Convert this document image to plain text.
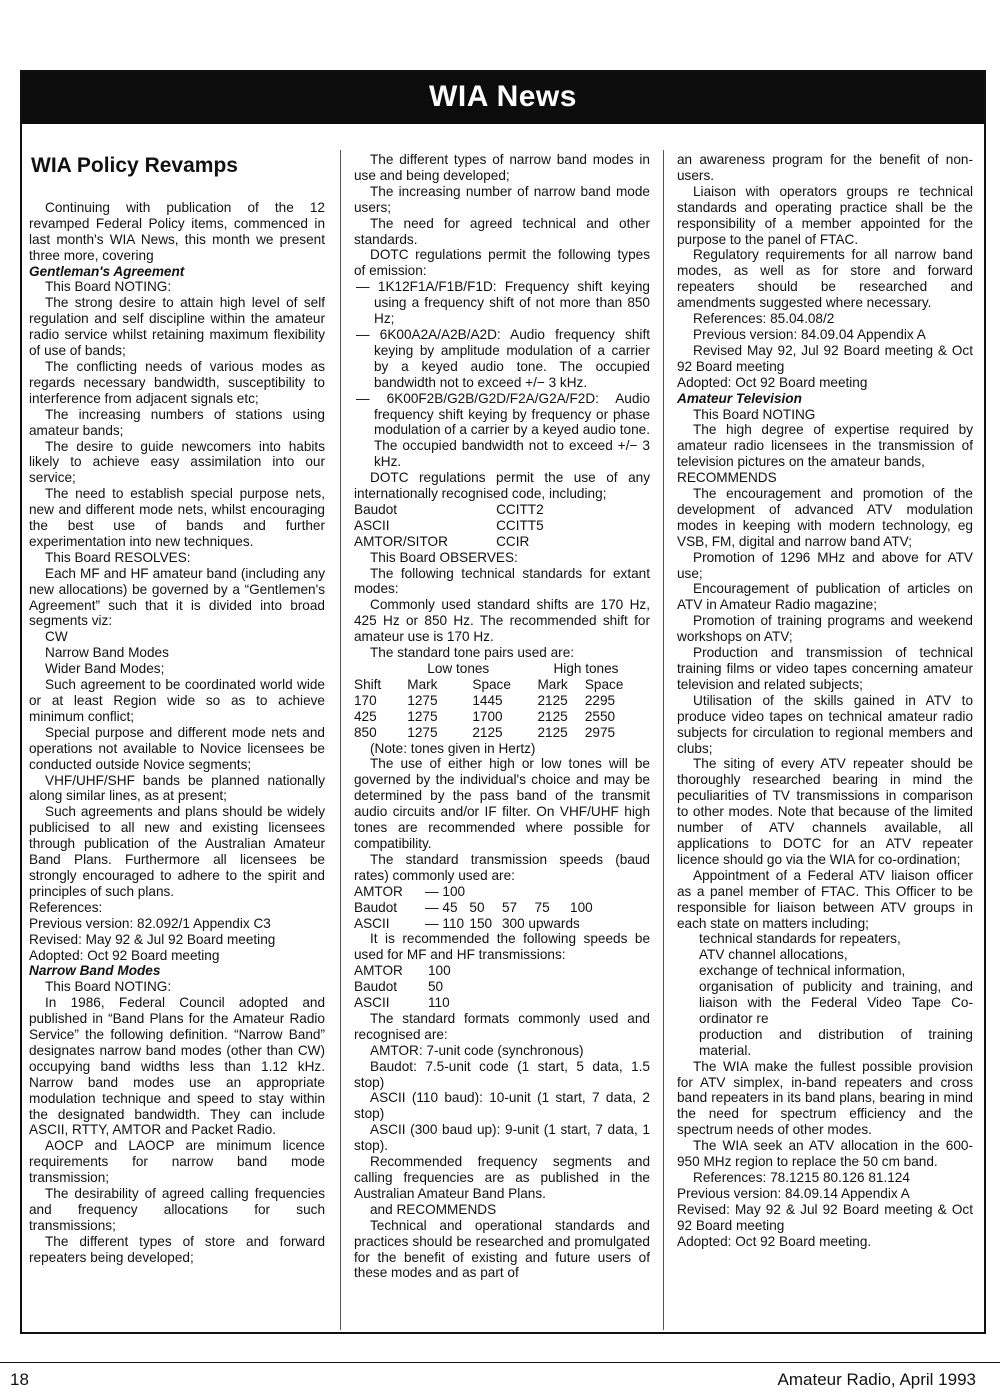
WIA News

WIA Policy Revamps

Continuing with publication of the 12 revamped Federal Policy items, commenced in last month's WIA News, this month we present three more, covering

Gentleman's Agreement

This Board NOTING:

The strong desire to attain high level of self regulation and self discipline within the amateur radio service whilst retaining maximum flexibility of use of bands;

The conflicting needs of various modes as regards necessary bandwidth, susceptibility to interference from adjacent signals etc;

The increasing numbers of stations using amateur bands;

The desire to guide newcomers into habits likely to achieve easy assimilation into our service;

The need to establish special purpose nets, new and different mode nets, whilst encouraging the best use of bands and further experimentation into new techniques.

This Board RESOLVES:

Each MF and HF amateur band (including any new allocations) be governed by a “Gentlemen's Agreement” such that it is divided into broad segments viz:

CW

Narrow Band Modes

Wider Band Modes;

Such agreement to be coordinated world wide or at least Region wide so as to achieve minimum conflict;

Special purpose and different mode nets and operations not available to Novice licensees be conducted outside Novice segments;

VHF/UHF/SHF bands be planned nationally along similar lines, as at present;

Such agreements and plans should be widely publicised to all new and existing licensees through publication of the Australian Amateur Band Plans. Furthermore all licensees be strongly encouraged to adhere to the spirit and principles of such plans.

References:

Previous version: 82.092/1 Appendix C3

Revised: May 92 & Jul 92 Board meeting

Adopted: Oct 92 Board meeting

Narrow Band Modes

This Board NOTING:

In 1986, Federal Council adopted and published in “Band Plans for the Amateur Radio Service” the following definition. “Narrow Band” designates narrow band modes (other than CW) occupying band widths less than 1.12 kHz. Narrow band modes use an appropriate modulation technique and speed to stay within the designated bandwidth. They can include ASCII, RTTY, AMTOR and Packet Radio.

AOCP and LAOCP are minimum licence requirements for narrow band mode transmission;

The desirability of agreed calling frequencies and frequency allocations for such transmissions;

The different types of store and forward repeaters being developed;

The different types of narrow band modes in use and being developed;

The increasing number of narrow band mode users;

The need for agreed technical and other standards.

DOTC regulations permit the following types of emission:

— 1K12F1A/F1B/F1D: Frequency shift keying using a frequency shift of not more than 850 Hz;

— 6K00A2A/A2B/A2D: Audio frequency shift keying by amplitude modulation of a carrier by a keyed audio tone. The occupied bandwidth not to exceed +/− 3 kHz.

— 6K00F2B/G2B/G2D/F2A/G2A/F2D: Audio frequency shift keying by frequency or phase modulation of a carrier by a keyed audio tone. The occupied bandwidth not to exceed +/− 3 kHz.

DOTC regulations permit the use of any internationally recognised code, including;

Baudot	CCITT2
ASCII	CCITT5
AMTOR/SITOR	CCIR

This Board OBSERVES:

The following technical standards for extant modes:

Commonly used standard shifts are 170 Hz, 425 Hz or 850 Hz. The recommended shift for amateur use is 170 Hz.

The standard tone pairs used are:

	Low tones		High tones	
Shift	Mark	Space	Mark	Space
170	1275	1445	2125	2295
425	1275	1700	2125	2550
850	1275	2125	2125	2975

(Note: tones given in Hertz)

The use of either high or low tones will be governed by the individual's choice and may be determined by the pass band of the transmit audio circuits and/or IF filter. On VHF/UHF high tones are recommended where possible for compatibility.

The standard transmission speeds (baud rates) commonly used are:

AMTOR	— 100				
Baudot	— 45	50	57	75	100
ASCII	— 110	150	300 upwards		

It is recommended the following speeds be used for MF and HF transmissions:

AMTOR	100
Baudot	50
ASCII	110

The standard formats commonly used and recognised are:

AMTOR: 7-unit code (synchronous)

Baudot: 7.5-unit code (1 start, 5 data, 1.5 stop)

ASCII (110 baud): 10-unit (1 start, 7 data, 2 stop)

ASCII (300 baud up): 9-unit (1 start, 7 data, 1 stop).

Recommended frequency segments and calling frequencies are as published in the Australian Amateur Band Plans.

and RECOMMENDS

Technical and operational standards and practices should be researched and promulgated for the benefit of existing and future users of these modes and as part of

an awareness program for the benefit of non-users.

Liaison with operators groups re technical standards and operating practice shall be the responsibility of a member appointed for the purpose to the panel of FTAC.

Regulatory requirements for all narrow band modes, as well as for store and forward repeaters should be researched and amendments suggested where necessary.

References: 85.04.08/2

Previous version: 84.09.04 Appendix A

Revised May 92, Jul 92 Board meeting & Oct 92 Board meeting

Adopted: Oct 92 Board meeting

Amateur Television

This Board NOTING

The high degree of expertise required by amateur radio licensees in the transmission of television pictures on the amateur bands,

RECOMMENDS

The encouragement and promotion of the development of advanced ATV modulation modes in keeping with modern technology, eg VSB, FM, digital and narrow band ATV;

Promotion of 1296 MHz and above for ATV use;

Encouragement of publication of articles on ATV in Amateur Radio magazine;

Promotion of training programs and weekend workshops on ATV;

Production and transmission of technical training films or video tapes concerning amateur television and related subjects;

Utilisation of the skills gained in ATV to produce video tapes on technical amateur radio subjects for circulation to regional members and clubs;

The siting of every ATV repeater should be thoroughly researched bearing in mind the peculiarities of TV transmissions in comparison to other modes. Note that because of the limited number of ATV channels available, all applications to DOTC for an ATV repeater licence should go via the WIA for co-ordination;

Appointment of a Federal ATV liaison officer as a panel member of FTAC. This Officer to be responsible for liaison between ATV groups in each state on matters including;

technical standards for repeaters,

ATV channel allocations,

exchange of technical information,

organisation of publicity and training, and liaison with the Federal Video Tape Co-ordinator re

production and distribution of training material.

The WIA make the fullest possible provision for ATV simplex, in-band repeaters and cross band repeaters in its band plans, bearing in mind the need for spectrum efficiency and the spectrum needs of other modes.

The WIA seek an ATV allocation in the 600-950 MHz region to replace the 50 cm band.

References: 78.1215 80.126 81.124

Previous version: 84.09.14 Appendix A

Revised: May 92 & Jul 92 Board meeting & Oct 92 Board meeting

Adopted: Oct 92 Board meeting.

18	Amateur Radio, April 1993
